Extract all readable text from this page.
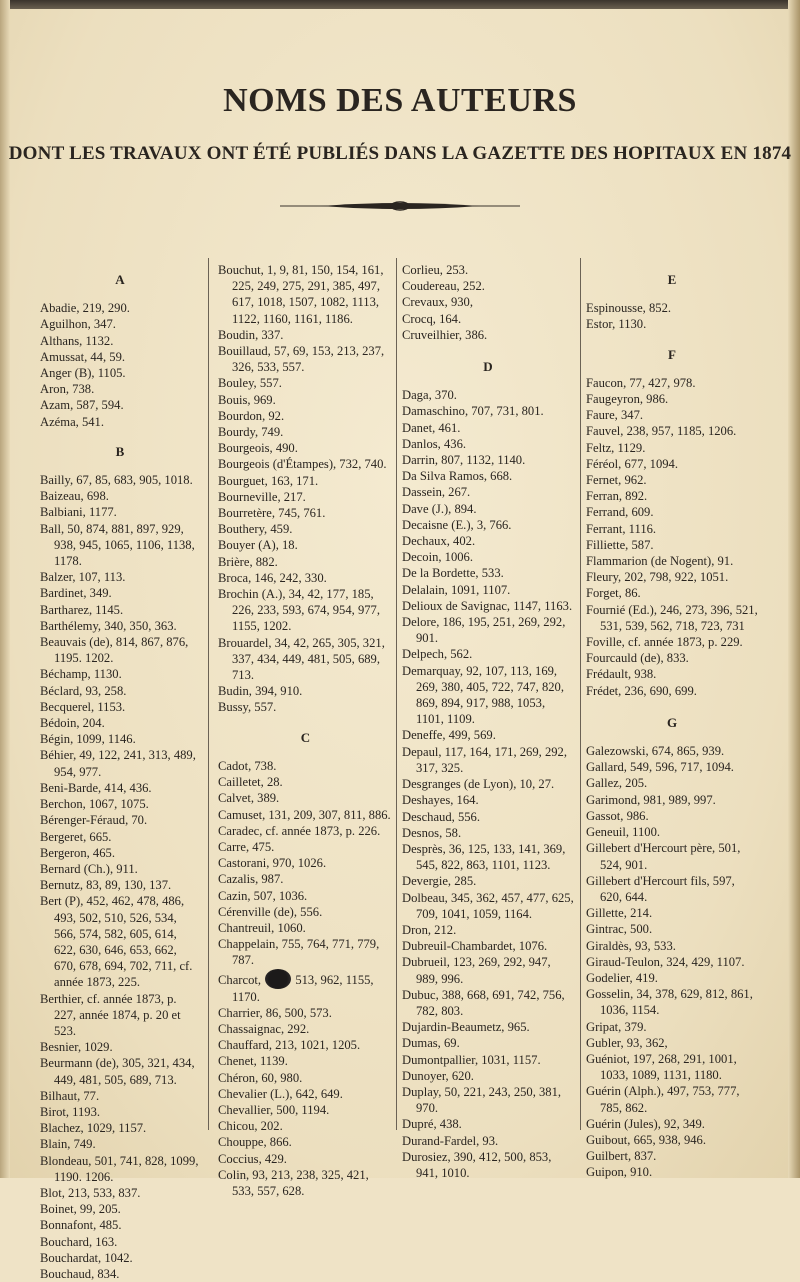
NOMS DES AUTEURS
DONT LES TRAVAUX ONT ÉTÉ PUBLIÉS DANS LA GAZETTE DES HOPITAUX EN 1874
A

Abadie, 219, 290.

Aguilhon, 347.

Althans, 1132.

Amussat, 44, 59.

Anger (B), 1105.

Aron, 738.

Azam, 587, 594.

Azéma, 541.

B

Bailly, 67, 85, 683, 905, 1018.

Baizeau, 698.

Balbiani, 1177.

Ball, 50, 874, 881, 897, 929, 938, 945, 1065, 1106, 1138, 1178.

Balzer, 107, 113.

Bardinet, 349.

Bartharez, 1145.

Barthélemy, 340, 350, 363.

Beauvais (de), 814, 867, 876, 1195. 1202.

Béchamp, 1130.

Béclard, 93, 258.

Becquerel, 1153.

Bédoin, 204.

Bégin, 1099, 1146.

Béhier, 49, 122, 241, 313, 489, 954, 977.

Beni-Barde, 414, 436.

Berchon, 1067, 1075.

Bérenger-Féraud, 70.

Bergeret, 665.

Bergeron, 465.

Bernard (Ch.), 911.

Bernutz, 83, 89, 130, 137.

Bert (P), 452, 462, 478, 486, 493, 502, 510, 526, 534, 566, 574, 582, 605, 614, 622, 630, 646, 653, 662, 670, 678, 694, 702, 711, cf. année 1873, 225.

Berthier, cf. année 1873, p. 227, année 1874, p. 20 et 523.

Besnier, 1029.

Beurmann (de), 305, 321, 434, 449, 481, 505, 689, 713.

Bilhaut, 77.

Birot, 1193.

Blachez, 1029, 1157.

Blain, 749.

Blondeau, 501, 741, 828, 1099, 1190. 1206.

Blot, 213, 533, 837.

Boinet, 99, 205.

Bonnafont, 485.

Bouchard, 163.

Bouchardat, 1042.

Bouchaud, 834.

Bouchut, 1, 9, 81, 150, 154, 161, 225, 249, 275, 291, 385, 497, 617, 1018, 1507, 1082, 1113, 1122, 1160, 1161, 1186.

Boudin, 337.

Bouillaud, 57, 69, 153, 213, 237, 326, 533, 557.

Bouley, 557.

Bouis, 969.

Bourdon, 92.

Bourdy, 749.

Bourgeois, 490.

Bourgeois (d'Étampes), 732, 740.

Bourguet, 163, 171.

Bourneville, 217.

Bourretère, 745, 761.

Bouthery, 459.

Bouyer (A), 18.

Brière, 882.

Broca, 146, 242, 330.

Brochin (A.), 34, 42, 177, 185, 226, 233, 593, 674, 954, 977, 1155, 1202.

Brouardel, 34, 42, 265, 305, 321, 337, 434, 449, 481, 505, 689, 713.

Budin, 394, 910.

Bussy, 557.

C

Cadot, 738.

Cailletet, 28.

Calvet, 389.

Camuset, 131, 209, 307, 811, 886.

Caradec, cf. année 1873, p. 226.

Carre, 475.

Castorani, 970, 1026.

Cazalis, 987.

Cazin, 507, 1036.

Cérenville (de), 556.

Chantreuil, 1060.

Chappelain, 755, 764, 771, 779, 787.

Charcot,	513, 962, 1155, 1170.

Charrier, 86, 500, 573.

Chassaignac, 292.

Chauffard, 213, 1021, 1205.

Chenet, 1139.

Chéron, 60, 980.

Chevalier (L.), 642, 649.

Chevallier, 500, 1194.

Chicou, 202.

Chouppe, 866.

Coccius, 429.

Colin, 93, 213, 238, 325, 421, 533, 557, 628.

Corlieu, 253.

Coudereau, 252.

Crevaux, 930,

Crocq, 164.

Cruveilhier, 386.

D

Daga, 370.

Damaschino, 707, 731, 801.

Danet, 461.

Danlos, 436.

Darrin, 807, 1132, 1140.

Da Silva Ramos, 668.

Dassein, 267.

Dave (J.), 894.

Decaisne (E.), 3, 766.

Dechaux, 402.

Decoin, 1006.

De la Bordette, 533.

Delalain, 1091, 1107.

Delioux de Savignac, 1147, 1163.

Delore, 186, 195, 251, 269, 292, 901.

Delpech, 562.

Demarquay, 92, 107, 113, 169, 269, 380, 405, 722, 747, 820, 869, 894, 917, 988, 1053, 1101, 1109.

Deneffe, 499, 569.

Depaul, 117, 164, 171, 269, 292, 317, 325.

Desgranges (de Lyon), 10, 27.

Deshayes, 164.

Deschaud, 556.

Desnos, 58.

Desprès, 36, 125, 133, 141, 369, 545, 822, 863, 1101, 1123.

Devergie, 285.

Dolbeau, 345, 362, 457, 477, 625, 709, 1041, 1059, 1164.

Dron, 212.

Dubreuil-Chambardet, 1076.

Dubrueil, 123, 269, 292, 947, 989, 996.

Dubuc, 388, 668, 691, 742, 756, 782, 803.

Dujardin-Beaumetz, 965.

Dumas, 69.

Dumontpallier, 1031, 1157.

Dunoyer, 620.

Duplay, 50, 221, 243, 250, 381, 970.

Dupré, 438.

Durand-Fardel, 93.

Durosiez, 390, 412, 500, 853, 941, 1010.

E

Espinousse, 852.

Estor, 1130.

F

Faucon, 77, 427, 978.

Faugeyron, 986.

Faure, 347.

Fauvel, 238, 957, 1185, 1206.

Feltz, 1129.

Féréol, 677, 1094.

Fernet, 962.

Ferran, 892.

Ferrand, 609.

Ferrant, 1116.

Filliette, 587.

Flammarion (de Nogent), 91.

Fleury, 202, 798, 922, 1051.

Forget, 86.

Fournié (Ed.), 246, 273, 396, 521, 531, 539, 562, 718, 723, 731

Foville, cf. année 1873, p. 229.

Fourcauld (de), 833.

Frédault, 938.

Frédet, 236, 690, 699.

G

Galezowski, 674, 865, 939.

Gallard, 549, 596, 717, 1094.

Gallez, 205.

Garimond, 981, 989, 997.

Gassot, 986.

Geneuil, 1100.

Gillebert d'Hercourt père, 501, 524, 901.

Gillebert d'Hercourt fils, 597, 620, 644.

Gillette, 214.

Gintrac, 500.

Giraldès, 93, 533.

Giraud-Teulon, 324, 429, 1107.

Godelier, 419.

Gosselin, 34, 378, 629, 812, 861, 1036, 1154.

Gripat, 379.

Gubler, 93, 362,

Guéniot, 197, 268, 291, 1001, 1033, 1089, 1131, 1180.

Guérin (Alph.), 497, 753, 777, 785, 862.

Guérin (Jules), 92, 349.

Guibout, 665, 938, 946.

Guilbert, 837.

Guipon, 910.
